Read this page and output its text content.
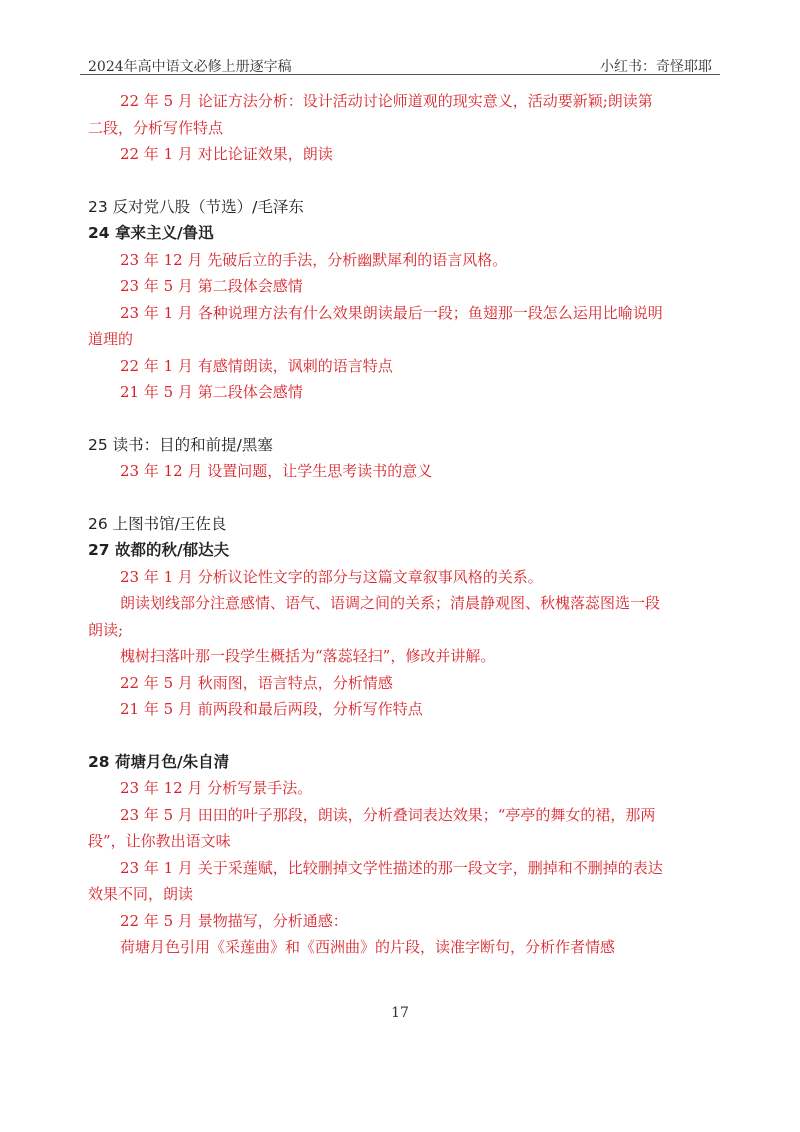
2024年高中语文必修上册逐字稿	小红书：奇怪耶耶
22 年 5 月 论证方法分析：设计活动讨论师道观的现实意义，活动要新颖;朗读第
二段，分析写作特点
22 年 1 月 对比论证效果，朗读
23 反对党八股（节选）/毛泽东
24 拿来主义/鲁迅
23 年 12 月 先破后立的手法，分析幽默犀利的语言风格。
23 年 5 月 第二段体会感情
23 年 1 月 各种说理方法有什么效果朗读最后一段；鱼翅那一段怎么运用比喻说明
道理的
22 年 1 月 有感情朗读，讽刺的语言特点
21 年 5 月 第二段体会感情
25 读书：目的和前提/黑塞
23 年 12 月 设置问题，让学生思考读书的意义
26 上图书馆/王佐良
27 故都的秋/郁达夫
23 年 1 月 分析议论性文字的部分与这篇文章叙事风格的关系。
朗读划线部分注意感情、语气、语调之间的关系；清晨静观图、秋槐落蕊图选一段
朗读;
槐树扫落叶那一段学生概括为“落蕊轻扫”，修改并讲解。
22 年 5 月 秋雨图，语言特点，分析情感
21 年 5 月 前两段和最后两段，分析写作特点
28 荷塘月色/朱自清
23 年 12 月 分析写景手法。
23 年 5 月 田田的叶子那段，朗读，分析叠词表达效果；“亭亭的舞女的裙，那两
段”，让你教出语文味
23 年 1 月 关于采莲赋，比较删掉文学性描述的那一段文字，删掉和不删掉的表达
效果不同，朗读
22 年 5 月 景物描写，分析通感：
荷塘月色引用《采莲曲》和《西洲曲》的片段，读准字断句，分析作者情感
17
